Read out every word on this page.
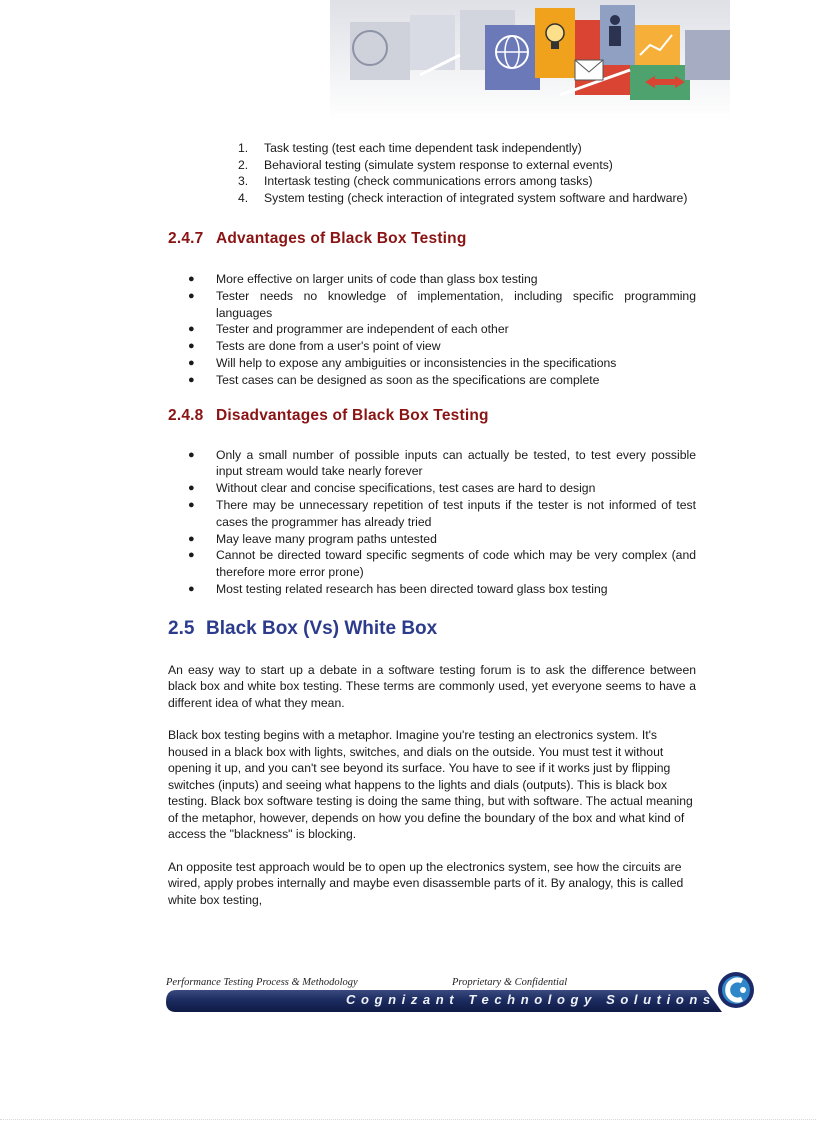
1.	Task testing (test each time dependent task independently)
2.	Behavioral testing (simulate system response to external events)
3.	Intertask testing (check communications errors among tasks)
4.	System testing (check interaction of integrated system software and hardware)
2.4.7 Advantages of Black Box Testing
●	More effective on larger units of code than glass box testing
●	Tester needs no knowledge of implementation, including specific programming languages
●	Tester and programmer are independent of each other
●	Tests are done from a user's point of view
●	Will help to expose any ambiguities or inconsistencies in the specifications
●	Test cases can be designed as soon as the specifications are complete
2.4.8 Disadvantages of Black Box Testing
●	Only a small number of possible inputs can actually be tested, to test every possible input stream would take nearly forever
●	Without clear and concise specifications, test cases are hard to design
●	There may be unnecessary repetition of test inputs if the tester is not informed of test cases the programmer has already tried
●	May leave many program paths untested
●	Cannot be directed toward specific segments of code which may be very complex (and therefore more error prone)
●	Most testing related research has been directed toward glass box testing
2.5 Black Box (Vs) White Box

An easy way to start up a debate in a software testing forum is to ask the difference between black box and white box testing. These terms are commonly used, yet everyone seems to have a different idea of what they mean.

Black box testing begins with a metaphor. Imagine you're testing an electronics system. It's housed in a black box with lights, switches, and dials on the outside. You must test it without opening it up, and you can't see beyond its surface. You have to see if it works just by flipping switches (inputs) and seeing what happens to the lights and dials (outputs). This is black box testing. Black box software testing is doing the same thing, but with software. The actual meaning of the metaphor, however, depends on how you define the boundary of the box and what kind of access the "blackness" is blocking.

An opposite test approach would be to open up the electronics system, see how the circuits are wired, apply probes internally and maybe even disassemble parts of it. By analogy, this is called white box testing,

Performance Testing Process & Methodology	Proprietary & Confidential
Cognizant Technology Solutions
